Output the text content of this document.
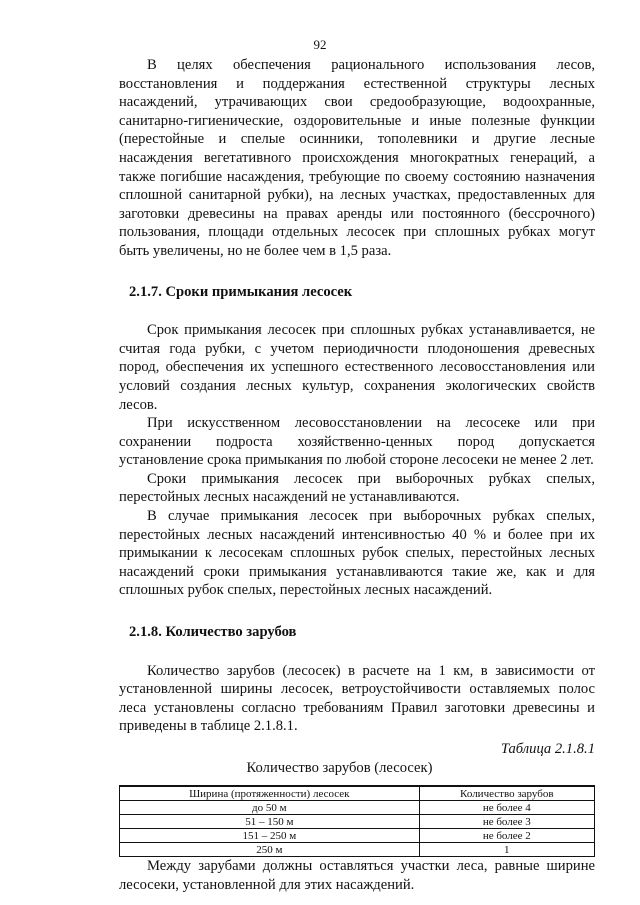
92

В целях обеспечения рационального использования лесов, восстановления и поддержания естественной структуры лесных насаждений, утрачивающих свои средообразующие, водоохранные, санитарно-гигиенические, оздоровительные и иные полезные функции (перестойные и спелые осинники, тополевники и другие лесные насаждения вегетативного происхождения многократных генераций, а также погибшие насаждения, требующие по своему состоянию назначения сплошной санитарной рубки), на лесных участках, предоставленных для заготовки древесины на правах аренды или постоянного (бессрочного) пользования, площади отдельных лесосек при сплошных рубках могут быть увеличены, но не более чем в 1,5 раза.

2.1.7. Сроки примыкания лесосек

Срок примыкания лесосек при сплошных рубках устанавливается, не считая года рубки, с учетом периодичности плодоношения древесных пород, обеспечения их успешного естественного лесовосстановления или условий создания лесных культур, сохранения экологических свойств лесов.

При искусственном лесовосстановлении на лесосеке или при сохранении подроста хозяйственно-ценных пород допускается установление срока примыкания по любой стороне лесосеки не менее 2 лет.

Сроки примыкания лесосек при выборочных рубках спелых, перестойных лесных насаждений не устанавливаются.

В случае примыкания лесосек при выборочных рубках спелых, перестойных лесных насаждений интенсивностью 40 % и более при их примыкании к лесосекам сплошных рубок спелых, перестойных лесных насаждений сроки примыкания устанавливаются такие же, как и для сплошных рубок спелых, перестойных лесных насаждений.

2.1.8. Количество зарубов

Количество зарубов (лесосек) в расчете на 1 км, в зависимости от установленной ширины лесосек, ветроустойчивости оставляемых полос леса установлены согласно требованиям Правил заготовки древесины и приведены в таблице 2.1.8.1.

Таблица 2.1.8.1
Количество зарубов (лесосек)
Ширина (протяженности) лесосек	Количество зарубов
до 50 м	не более 4
51 – 150 м	не более 3
151 – 250 м	не более 2
250 м	1

Между зарубами должны оставляться участки леса, равные ширине лесосеки, установленной для этих насаждений.
